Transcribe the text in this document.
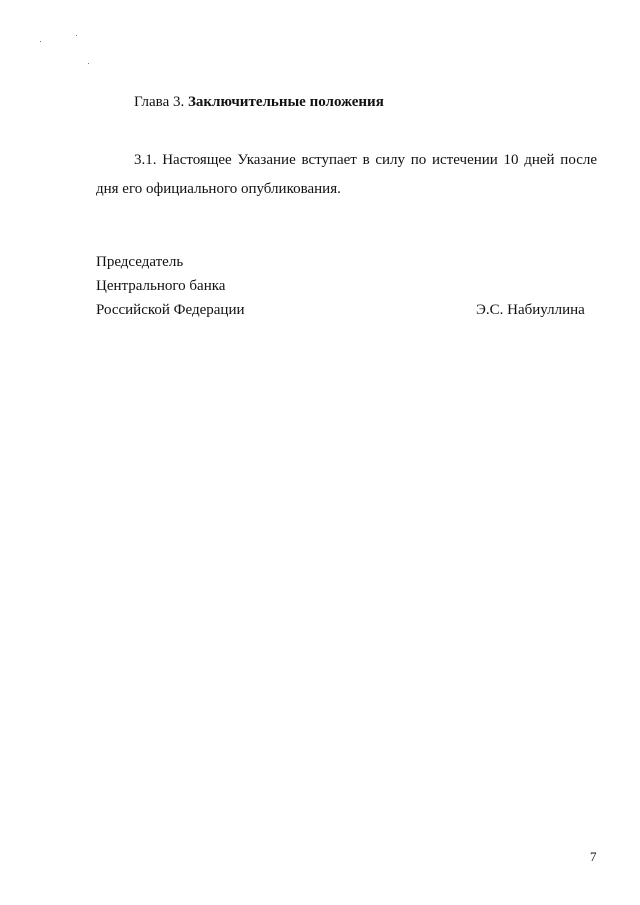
Глава 3. Заключительные положения
3.1. Настоящее Указание вступает в силу по истечении 10 дней после
дня его официального опубликования.
Председатель
Центрального банка
Российской Федерации	Э.С. Набиуллина
7
